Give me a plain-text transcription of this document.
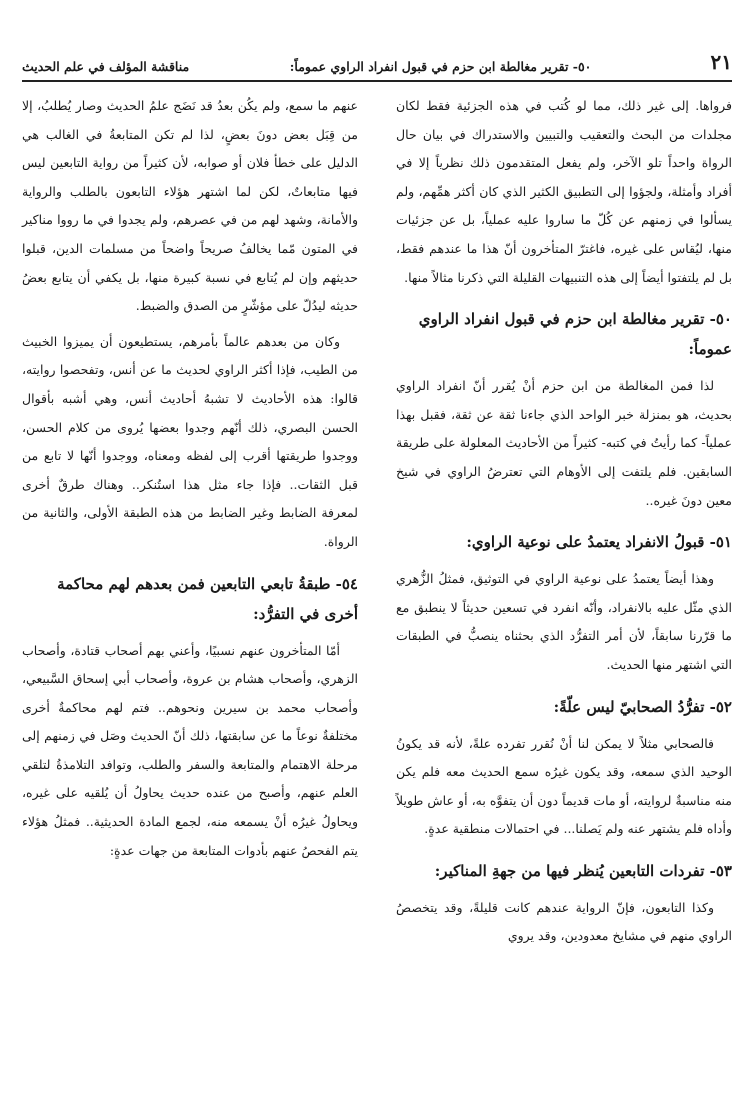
٢١
٥٠- تقرير مغالطة ابن حزم في قبول انفراد الراوي عموماً:
مناقشة المؤلف في علم الحديث

فرواها. إلى غير ذلك، مما لو كُتب في هذه الجزئية فقط لكان مجلدات من البحث والتعقيب والتبيين والاستدراك في بيان حال الرواة واحداً تلو الآخر، ولم يفعل المتقدمون ذلك نظرياً إلا في أفراد وأمثلة، ولجؤوا إلى التطبيق الكثير الذي كان أكثر همِّهم، ولم يسألوا في زمنهم عن كُلّ ما ساروا عليه عملياً، بل عن جزئيات منها، ليُقاس على غيره، فاغترّ المتأخرون أنّ هذا ما عندهم فقط، بل لم يلتفتوا أيضاً إلى هذه التنبيهات القليلة التي ذكرنا مثالاً منها.

٥٠- تقرير مغالطة ابن حزم في قبول انفراد الراوي عموماً:

لذا فمن المغالطة من ابن حزم أنْ يُقرر أنّ انفراد الراوي بحديث، هو بمنزلة خبر الواحد الذي جاءنا ثقة عن ثقة، فقبل بهذا عملياً- كما رأيتُ في كتبه- كثيراً من الأحاديث المعلولة على طريقة السابقين. فلم يلتفت إلى الأوهام التي تعترضُ الراوي في شيخ معين دونَ غيره..

٥١- قبولُ الانفراد يعتمدُ على نوعية الراوي:

وهذا أيضاً يعتمدُ على نوعية الراوي في التوثيق، فمثلُ الزُّهري الذي مثّل عليه بالانفراد، وأنّه انفرد في تسعين حديثاً لا ينطبق مع ما قرّرنا سابقاً، لأن أمر التفرُّد الذي بحثناه ينصبُّ في الطبقات التي اشتهر منها الحديث.

٥٢- تفرُّدُ الصحابيّ ليس علّةً:

فالصحابي مثلاً لا يمكن لنا أنْ نُقرر تفرده علةً، لأنه قد يكونُ الوحيد الذي سمعه، وقد يكون غيرُه سمع الحديث معه فلم يكن منه مناسبةٌ لروايته، أو مات قديماً دون أن يتفوَّه به، أو عاش طويلاً وأداه فلم يشتهر عنه ولم يَصلنا... في احتمالات منطقية عدةٍ.

٥٣- تفردات التابعين يُنظر فيها من جهةِ المناكير:

وكذا التابعون، فإنّ الرواية عندهم كانت قليلةً، وقد يتخصصُ الراوي منهم في مشايخ معدودين، وقد يروي

عنهم ما سمع، ولم يكُن بعدُ قد نَضَج علمُ الحديث وصار يُطلبُ، إلا من قِبَل بعض دونَ بعضٍ، لذا لم تكن المتابعةُ في الغالب هي الدليل على خطأ فلان أو صوابه، لأن كثيراً من رواية التابعين ليس فيها متابعاتٌ، لكن لما اشتهر هؤلاء التابعون بالطلب والرواية والأمانة، وشهد لهم من في عصرهم، ولم يجدوا في ما رووا مناكير في المتون مّما يخالفُ صريحاً واضحاً من مسلمات الدين، قبلوا حديثهم وإن لم يُتابع في نسبة كبيرة منها، بل يكفي أن يتابع بعضُ حديثه ليدُلّ على مؤشّرٍ من الصدق والضبط.

وكان من بعدهم عالماً بأمرهم، يستطيعون أن يميزوا الخبيث من الطيب، فإذا أكثر الراوي لحديث ما عن أنس، وتفحصوا روايته، قالوا: هذه الأحاديث لا تشبهُ أحاديث أنس، وهي أشبه بأقوال الحسن البصري، ذلك أنّهم وجدوا بعضها يُروى من كلام الحسن، ووجدوا طريقتها أقرب إلى لفظه ومعناه، ووجدوا أنّها لا تابع من قبل الثقات.. فإذا جاء مثل هذا استُنكر.. وهناك طرقٌ أخرى لمعرفة الضابط وغير الضابط من هذه الطبقة الأولى، والثانية من الرواة.

٥٤- طبقةُ تابعي التابعين فمن بعدهم لهم محاكمة أخرى في التفرُّد:

أمّا المتأخرون عنهم نسبيًا، وأعني بهم أصحاب قتادة، وأصحاب الزهري، وأصحاب هشام بن عروة، وأصحاب أبي إسحاق السَّبيعي، وأصحاب محمد بن سيرين ونحوهم.. فتم لهم محاكمةٌ أخرى مختلفةٌ نوعاً ما عن سابقتها، ذلك أنّ الحديث وصَل في زمنهم إلى مرحلة الاهتمام والمتابعة والسفر والطلب، وتوافد التلامذةُ لتلقي العلم عنهم، وأصبح من عنده حديث يحاولُ أن يُلقيه على غيره، ويحاولُ غيرُه أنْ يسمعه منه، لجمع المادة الحديثية.. فمثلُ هؤلاء يتم الفحصُ عنهم بأدوات المتابعة من جهات عدةٍ:
